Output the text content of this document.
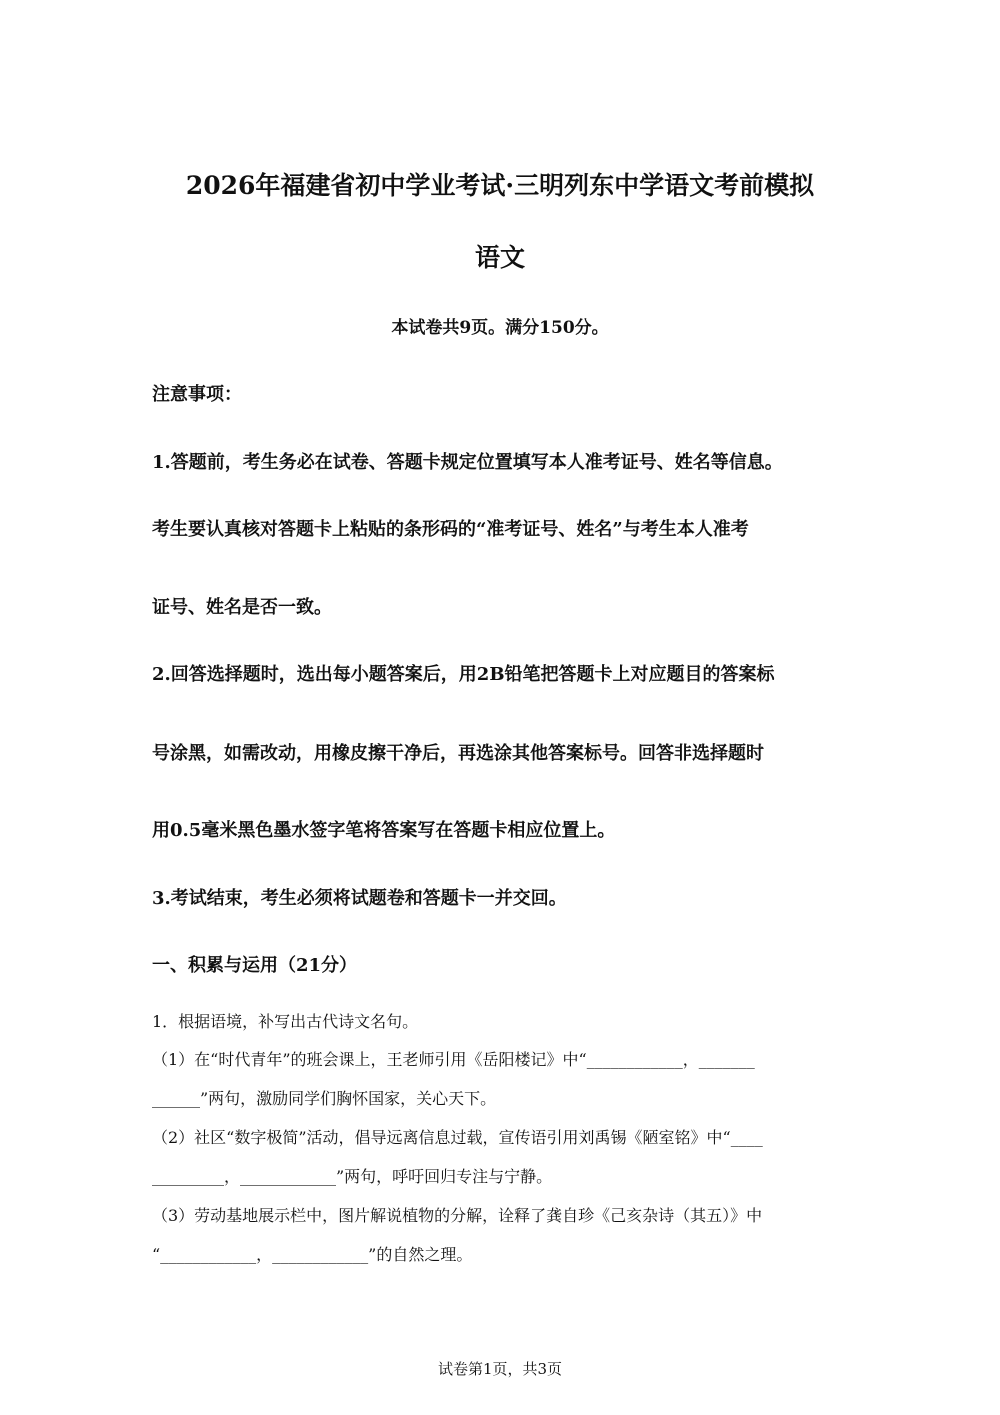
2026年福建省初中学业考试·三明列东中学语文考前模拟
语文
本试卷共9页。满分150分。
注意事项：
1.答题前，考生务必在试卷、答题卡规定位置填写本人准考证号、姓名等信息。
考生要认真核对答题卡上粘贴的条形码的“准考证号、姓名”与考生本人准考
证号、姓名是否一致。
2.回答选择题时，选出每小题答案后，用2B铅笔把答题卡上对应题目的答案标
号涂黑，如需改动，用橡皮擦干净后，再选涂其他答案标号。回答非选择题时
用0.5毫米黑色墨水签字笔将答案写在答题卡相应位置上。
3.考试结束，考生必须将试题卷和答题卡一并交回。
一、积累与运用（21分）
1．根据语境，补写出古代诗文名句。
（1）在“时代青年”的班会课上，王老师引用《岳阳楼记》中“____________，_______
______”两句，激励同学们胸怀国家，关心天下。
（2）社区“数字极简”活动，倡导远离信息过载，宣传语引用刘禹锡《陋室铭》中“____
_________，____________”两句，呼吁回归专注与宁静。
（3）劳动基地展示栏中，图片解说植物的分解，诠释了龚自珍《己亥杂诗（其五）》中
“____________，____________”的自然之理。
试卷第1页，共3页
